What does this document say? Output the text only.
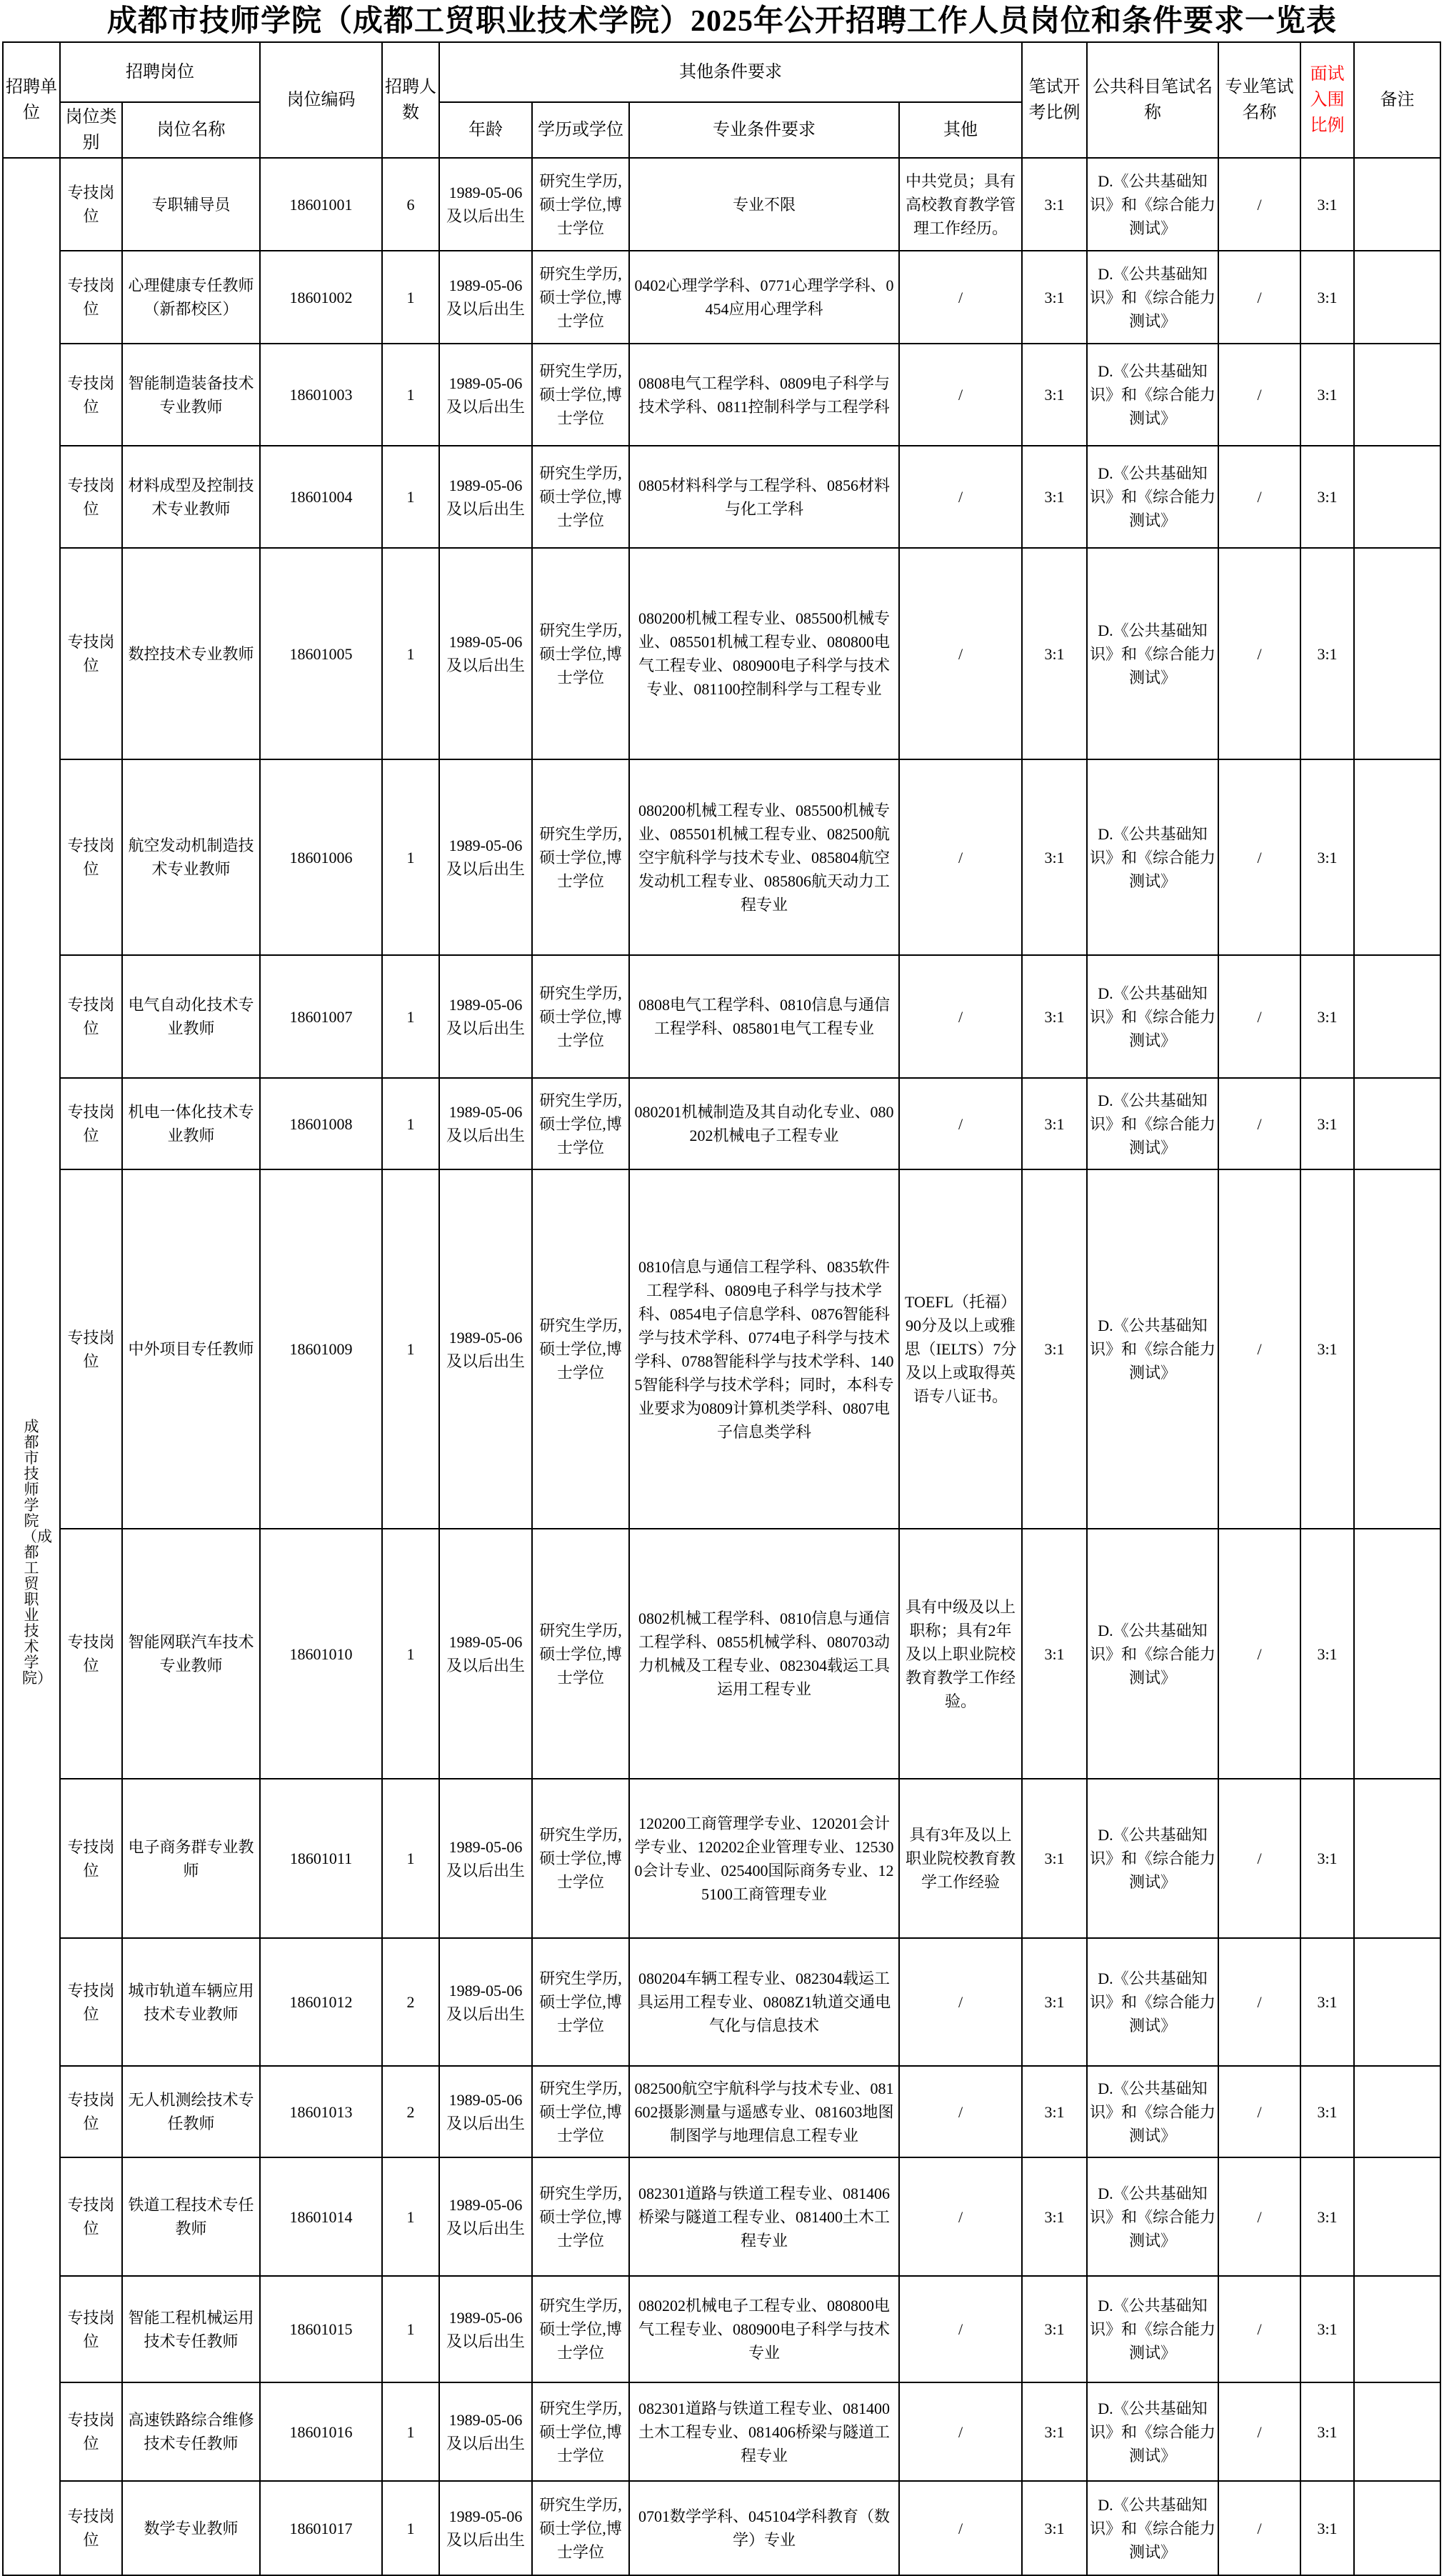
成都市技师学院（成都工贸职业技术学院）2025年公开招聘工作人员岗位和条件要求一览表
招聘单位	招聘岗位		岗位编码	招聘人数	其他条件要求				笔试开考比例	公共科目笔试名称	专业笔试名称	面试入围比例	备注
	岗位类别	岗位名称			年龄	学历或学位	专业条件要求	其他					

成都市技师学院（成都工贸职业技术学院）	专技岗位	专职辅导员	18601001	6	1989-05-06及以后出生	研究生学历,硕士学位,博士学位	专业不限	中共党员；具有高校教育教学管理工作经历。	3:1	D.《公共基础知识》和《综合能力测试》	/	3:1	
	专技岗位	心理健康专任教师（新都校区）	18601002	1	1989-05-06及以后出生	研究生学历,硕士学位,博士学位	0402心理学学科、0771心理学学科、0454应用心理学科	/	3:1	D.《公共基础知识》和《综合能力测试》	/	3:1	
	专技岗位	智能制造装备技术专业教师	18601003	1	1989-05-06及以后出生	研究生学历,硕士学位,博士学位	0808电气工程学科、0809电子科学与技术学科、0811控制科学与工程学科	/	3:1	D.《公共基础知识》和《综合能力测试》	/	3:1	
	专技岗位	材料成型及控制技术专业教师	18601004	1	1989-05-06及以后出生	研究生学历,硕士学位,博士学位	0805材料科学与工程学科、0856材料与化工学科	/	3:1	D.《公共基础知识》和《综合能力测试》	/	3:1	
	专技岗位	数控技术专业教师	18601005	1	1989-05-06及以后出生	研究生学历,硕士学位,博士学位	080200机械工程专业、085500机械专业、085501机械工程专业、080800电气工程专业、080900电子科学与技术专业、081100控制科学与工程专业	/	3:1	D.《公共基础知识》和《综合能力测试》	/	3:1	
	专技岗位	航空发动机制造技术专业教师	18601006	1	1989-05-06及以后出生	研究生学历,硕士学位,博士学位	080200机械工程专业、085500机械专业、085501机械工程专业、082500航空宇航科学与技术专业、085804航空发动机工程专业、085806航天动力工程专业	/	3:1	D.《公共基础知识》和《综合能力测试》	/	3:1	
	专技岗位	电气自动化技术专业教师	18601007	1	1989-05-06及以后出生	研究生学历,硕士学位,博士学位	0808电气工程学科、0810信息与通信工程学科、085801电气工程专业	/	3:1	D.《公共基础知识》和《综合能力测试》	/	3:1	
	专技岗位	机电一体化技术专业教师	18601008	1	1989-05-06及以后出生	研究生学历,硕士学位,博士学位	080201机械制造及其自动化专业、080202机械电子工程专业	/	3:1	D.《公共基础知识》和《综合能力测试》	/	3:1	
	专技岗位	中外项目专任教师	18601009	1	1989-05-06及以后出生	研究生学历,硕士学位,博士学位	0810信息与通信工程学科、0835软件工程学科、0809电子科学与技术学科、0854电子信息学科、0876智能科学与技术学科、0774电子科学与技术学科、0788智能科学与技术学科、1405智能科学与技术学科；同时，本科专业要求为0809计算机类学科、0807电子信息类学科	TOEFL（托福）90分及以上或雅思（IELTS）7分及以上或取得英语专八证书。	3:1	D.《公共基础知识》和《综合能力测试》	/	3:1	
	专技岗位	智能网联汽车技术专业教师	18601010	1	1989-05-06及以后出生	研究生学历,硕士学位,博士学位	0802机械工程学科、0810信息与通信工程学科、0855机械学科、080703动力机械及工程专业、082304载运工具运用工程专业	具有中级及以上职称；具有2年及以上职业院校教育教学工作经验。	3:1	D.《公共基础知识》和《综合能力测试》	/	3:1	
	专技岗位	电子商务群专业教师	18601011	1	1989-05-06及以后出生	研究生学历,硕士学位,博士学位	120200工商管理学专业、120201会计学专业、120202企业管理专业、125300会计专业、025400国际商务专业、125100工商管理专业	具有3年及以上职业院校教育教学工作经验	3:1	D.《公共基础知识》和《综合能力测试》	/	3:1	
	专技岗位	城市轨道车辆应用技术专业教师	18601012	2	1989-05-06及以后出生	研究生学历,硕士学位,博士学位	080204车辆工程专业、082304载运工具运用工程专业、0808Z1轨道交通电气化与信息技术	/	3:1	D.《公共基础知识》和《综合能力测试》	/	3:1	
	专技岗位	无人机测绘技术专任教师	18601013	2	1989-05-06及以后出生	研究生学历,硕士学位,博士学位	082500航空宇航科学与技术专业、081602摄影测量与遥感专业、081603地图制图学与地理信息工程专业	/	3:1	D.《公共基础知识》和《综合能力测试》	/	3:1	
	专技岗位	铁道工程技术专任教师	18601014	1	1989-05-06及以后出生	研究生学历,硕士学位,博士学位	082301道路与铁道工程专业、081406桥梁与隧道工程专业、081400土木工程专业	/	3:1	D.《公共基础知识》和《综合能力测试》	/	3:1	
	专技岗位	智能工程机械运用技术专任教师	18601015	1	1989-05-06及以后出生	研究生学历,硕士学位,博士学位	080202机械电子工程专业、080800电气工程专业、080900电子科学与技术专业	/	3:1	D.《公共基础知识》和《综合能力测试》	/	3:1	
	专技岗位	高速铁路综合维修技术专任教师	18601016	1	1989-05-06及以后出生	研究生学历,硕士学位,博士学位	082301道路与铁道工程专业、081400土木工程专业、081406桥梁与隧道工程专业	/	3:1	D.《公共基础知识》和《综合能力测试》	/	3:1	
	专技岗位	数学专业教师	18601017	1	1989-05-06及以后出生	研究生学历,硕士学位,博士学位	0701数学学科、045104学科教育（数学）专业	/	3:1	D.《公共基础知识》和《综合能力测试》	/	3:1	
